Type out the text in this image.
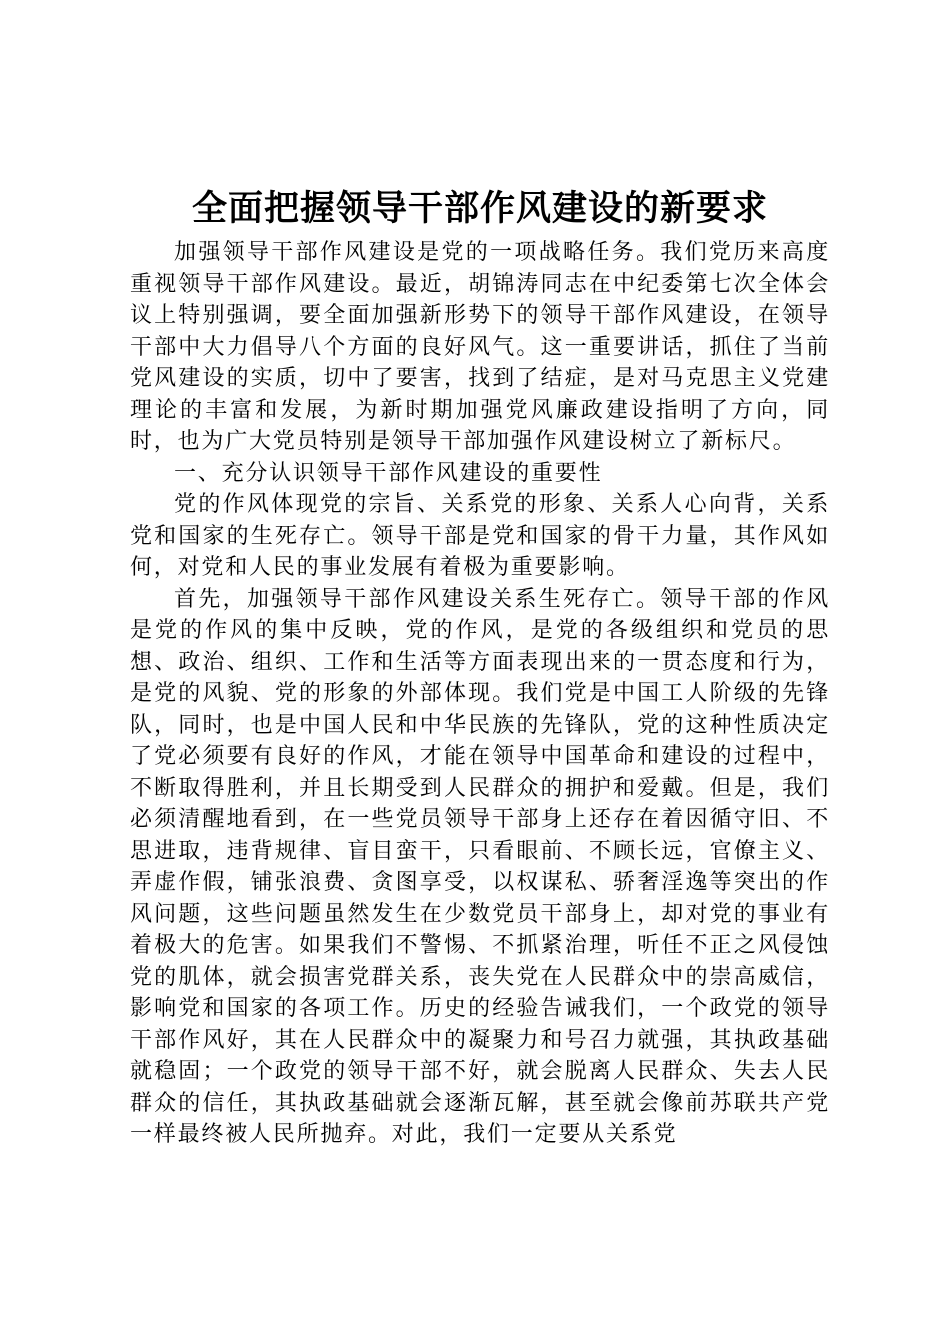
全面把握领导干部作风建设的新要求

加强领导干部作风建设是党的一项战略任务。我们党历来高度重视领导干部作风建设。最近，胡锦涛同志在中纪委第七次全体会议上特别强调，要全面加强新形势下的领导干部作风建设，在领导干部中大力倡导八个方面的良好风气。这一重要讲话，抓住了当前党风建设的实质，切中了要害，找到了结症，是对马克思主义党建理论的丰富和发展，为新时期加强党风廉政建设指明了方向，同时，也为广大党员特别是领导干部加强作风建设树立了新标尺。

一、充分认识领导干部作风建设的重要性

党的作风体现党的宗旨、关系党的形象、关系人心向背，关系党和国家的生死存亡。领导干部是党和国家的骨干力量，其作风如何，对党和人民的事业发展有着极为重要影响。

首先，加强领导干部作风建设关系生死存亡。领导干部的作风是党的作风的集中反映，党的作风，是党的各级组织和党员的思想、政治、组织、工作和生活等方面表现出来的一贯态度和行为，是党的风貌、党的形象的外部体现。我们党是中国工人阶级的先锋队，同时，也是中国人民和中华民族的先锋队，党的这种性质决定了党必须要有良好的作风，才能在领导中国革命和建设的过程中，不断取得胜利，并且长期受到人民群众的拥护和爱戴。但是，我们必须清醒地看到，在一些党员领导干部身上还存在着因循守旧、不思进取，违背规律、盲目蛮干，只看眼前、不顾长远，官僚主义、弄虚作假，铺张浪费、贪图享受，以权谋私、骄奢淫逸等突出的作风问题，这些问题虽然发生在少数党员干部身上，却对党的事业有着极大的危害。如果我们不警惕、不抓紧治理，听任不正之风侵蚀党的肌体，就会损害党群关系，丧失党在人民群众中的崇高威信，影响党和国家的各项工作。历史的经验告诫我们，一个政党的领导干部作风好，其在人民群众中的凝聚力和号召力就强，其执政基础就稳固；一个政党的领导干部不好，就会脱离人民群众、失去人民群众的信任，其执政基础就会逐渐瓦解，甚至就会像前苏联共产党一样最终被人民所抛弃。对此，我们一定要从关系党
